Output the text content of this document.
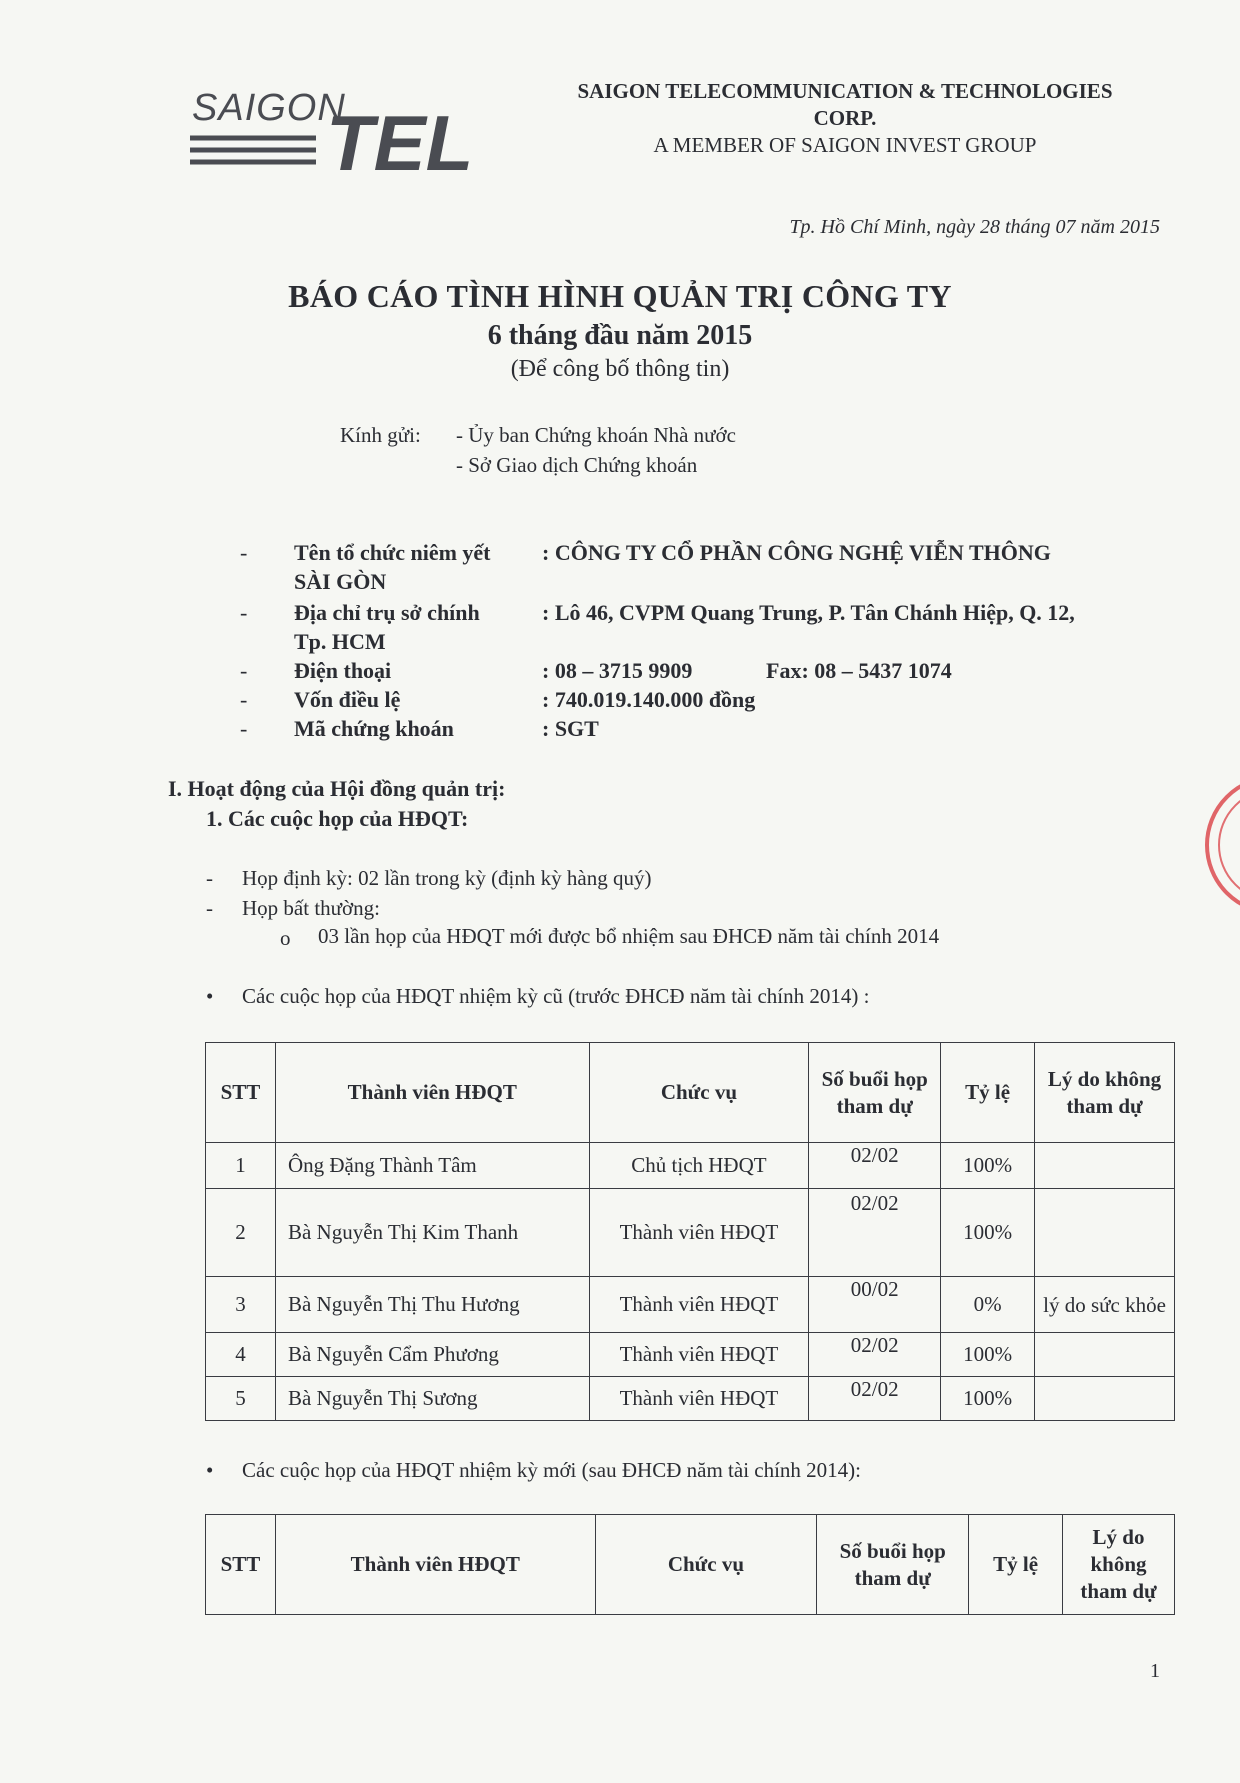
SAIGON
TEL
SAIGON TELECOMMUNICATION & TECHNOLOGIES
CORP.
A MEMBER OF SAIGON INVEST GROUP
Tp. Hồ Chí Minh, ngày 28 tháng 07 năm 2015
BÁO CÁO TÌNH HÌNH QUẢN TRỊ CÔNG TY
6 tháng đầu năm 2015
(Để công bố thông tin)
Kính gửi: - Ủy ban Chứng khoán Nhà nước
- Sở Giao dịch Chứng khoán
- Tên tổ chức niêm yết : CÔNG TY CỔ PHẦN CÔNG NGHỆ VIỄN THÔNG
SÀI GÒN
- Địa chỉ trụ sở chính	: Lô 46, CVPM Quang Trung, P. Tân Chánh Hiệp, Q. 12,
Tp. HCM
- Điện thoại	: 08 – 3715 9909	Fax: 08 – 5437 1074
- Vốn điều lệ	: 740.019.140.000 đồng
- Mã chứng khoán	: SGT
I. Hoạt động của Hội đồng quản trị:
1. Các cuộc họp của HĐQT:
- Họp định kỳ: 02 lần trong kỳ (định kỳ hàng quý)
- Họp bất thường:
o 03 lần họp của HĐQT mới được bổ nhiệm sau ĐHCĐ năm tài chính 2014
• Các cuộc họp của HĐQT nhiệm kỳ cũ (trước ĐHCĐ năm tài chính 2014) :
STT	Thành viên HĐQT	Chức vụ	Số buổi họp tham dự	Tỷ lệ	Lý do không tham dự
1	Ông Đặng Thành Tâm	Chủ tịch HĐQT	02/02	100%	
2	Bà Nguyễn Thị Kim Thanh	Thành viên HĐQT	02/02	100%	
3	Bà Nguyễn Thị Thu Hương	Thành viên HĐQT	00/02	0%	lý do sức khỏe
4	Bà Nguyễn Cẩm Phương	Thành viên HĐQT	02/02	100%	
5	Bà Nguyễn Thị Sương	Thành viên HĐQT	02/02	100%	
• Các cuộc họp của HĐQT nhiệm kỳ mới (sau ĐHCĐ năm tài chính 2014):
STT	Thành viên HĐQT	Chức vụ	Số buổi họp tham dự	Tỷ lệ	Lý do không tham dự
1
